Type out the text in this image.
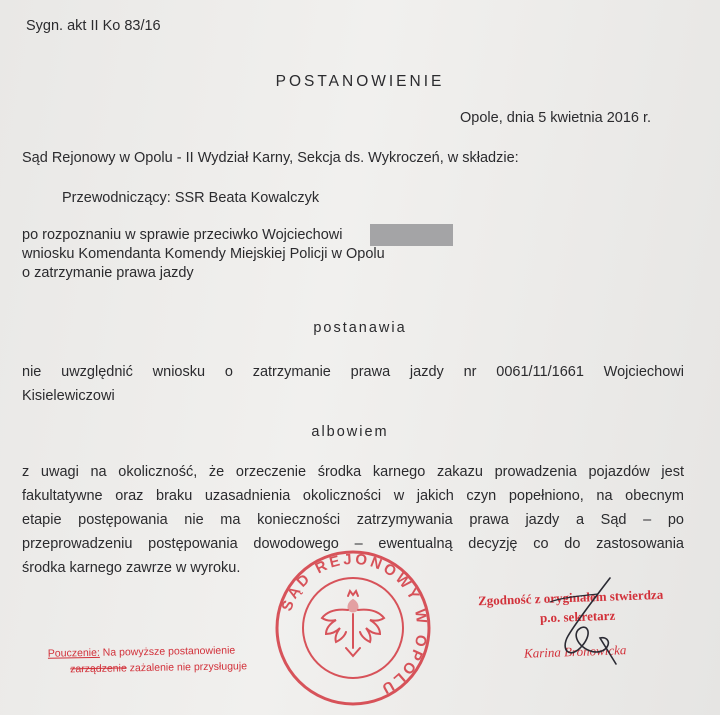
Sygn. akt II Ko 83/16
POSTANOWIENIE
Opole, dnia 5 kwietnia 2016 r.
Sąd Rejonowy w Opolu - II Wydział Karny, Sekcja ds. Wykroczeń, w składzie:
Przewodniczący: SSR Beata Kowalczyk
po rozpoznaniu w sprawie przeciwko Wojciechowi
wniosku Komendanta Komendy Miejskiej Policji w Opolu
o zatrzymanie prawa jazdy
postanawia
nie uwzględnić wniosku o zatrzymanie prawa jazdy nr 0061/11/1661 Wojciechowi
Kisielewiczowi
albowiem
z uwagi na okoliczność, że orzeczenie środka karnego zakazu prowadzenia pojazdów jest
fakultatywne oraz braku uzasadnienia okoliczności w jakich czyn popełniono, na obecnym
etapie postępowania nie ma konieczności zatrzymywania prawa jazdy a Sąd – po
przeprowadzeniu postępowania dowodowego – ewentualną decyzję co do zastosowania
środka karnego zawrze w wyroku.
Pouczenie: Na powyższe postanowienie
zarządzenie zażalenie nie przysługuje
SĄD REJONOWY W OPOLU
Zgodność z oryginałem stwierdza
p.o. sekretarz
Karina Bronowicka
